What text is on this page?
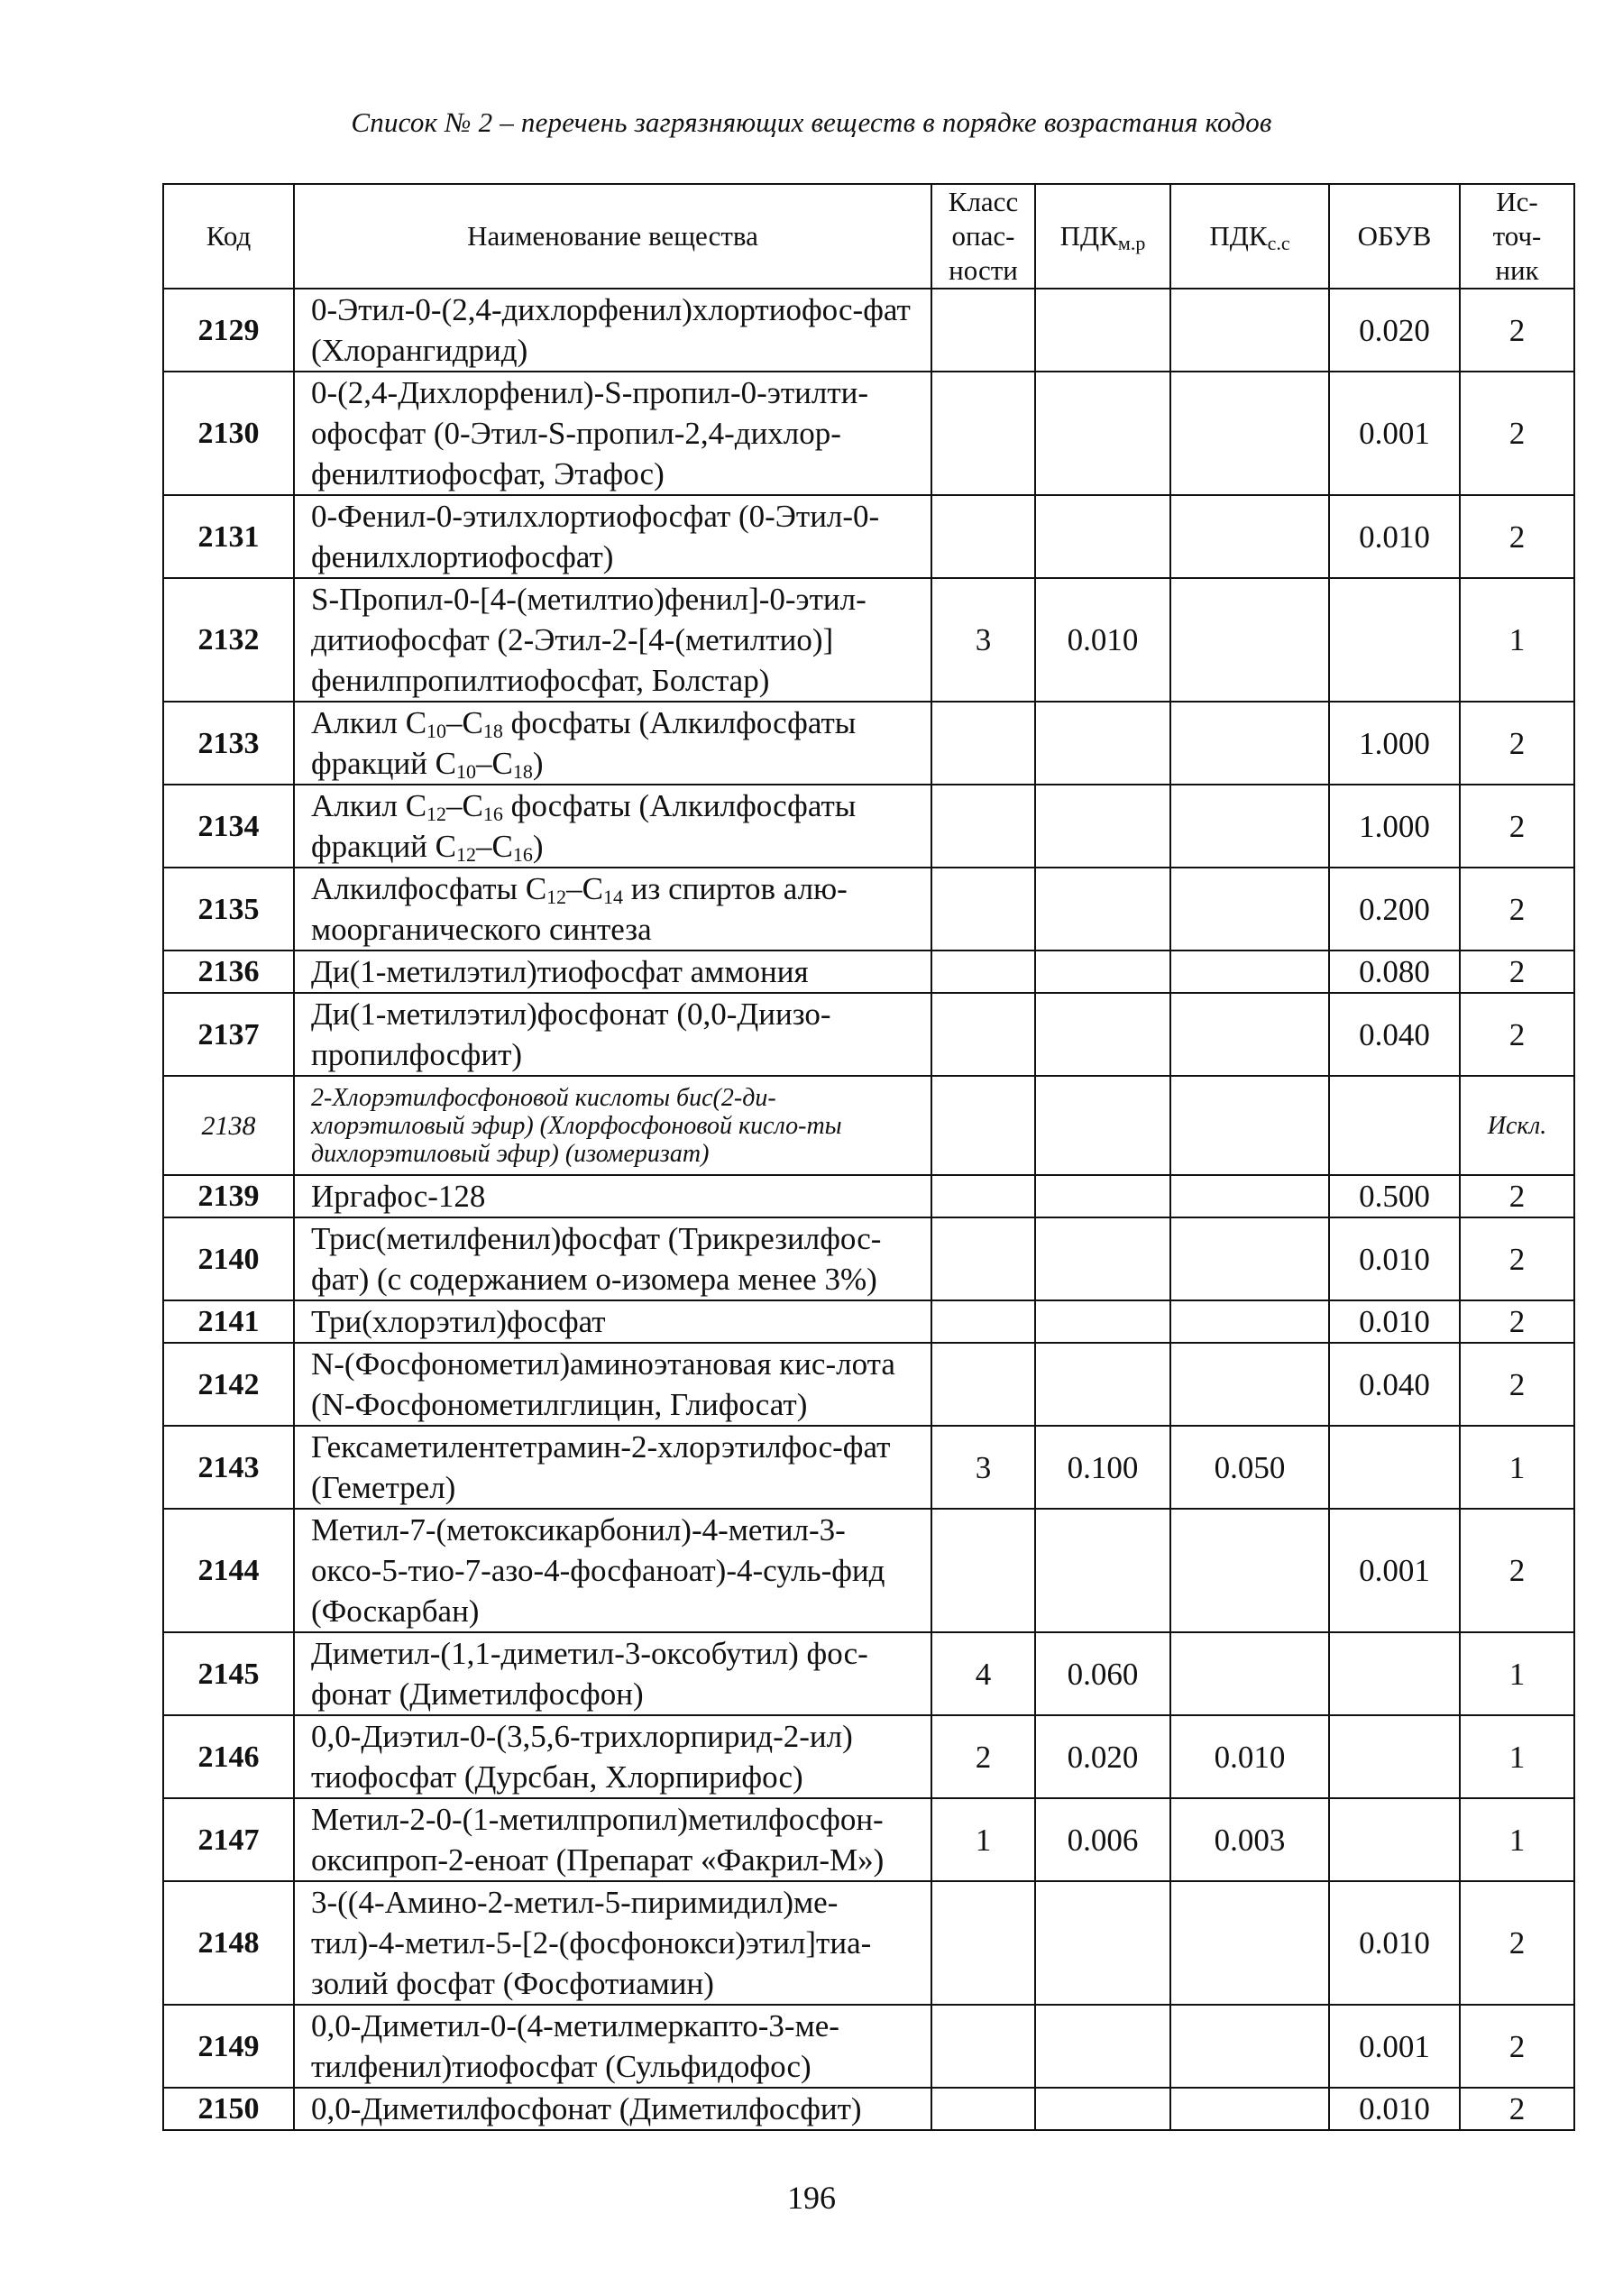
Список № 2 – перечень загрязняющих веществ в порядке возрастания кодов
Код	Наименование вещества	Класс опас-ности	$ПДК_{м.р}$	$ПДК_{с.с}$	ОБУВ	Ис-точ-ник
2129	0-Этил-0-(2,4-дихлорфенил)хлортиофос-фат (Хлорангидрид)				0.020	2
2130	0-(2,4-Дихлорфенил)-S-пропил-0-этилти-офосфат (0-Этил-S-пропил-2,4-дихлор-фенилтиофосфат, Этафос)				0.001	2
2131	0-Фенил-0-этилхлортиофосфат (0-Этил-0-фенилхлортиофосфат)				0.010	2
2132	S-Пропил-0-[4-(метилтио)фенил]-0-этил-дитиофосфат (2-Этил-2-[4-(метилтио)] фенилпропилтиофосфат, Болстар)	3	0.010			1
2133	Алкил $C_{10}-C_{18}$ фосфаты (Алкилфосфаты фракций $C_{10}-C_{18}$)				1.000	2
2134	Алкил $C_{12}-C_{16}$ фосфаты (Алкилфосфаты фракций $C_{12}-C_{16}$)				1.000	2
2135	Алкилфосфаты $C_{12}-C_{14}$ из спиртов алю-моорганического синтеза				0.200	2
2136	Ди(1-метилэтил)тиофосфат аммония				0.080	2
2137	Ди(1-метилэтил)фосфонат (0,0-Диизо-пропилфосфит)				0.040	2
2138	2-Хлорэтилфосфоновой кислоты бис(2-ди-хлорэтиловый эфир) (Хлорфосфоновой кисло-ты дихлорэтиловый эфир) (изомеризат)					Искл.
2139	Иргафос-128				0.500	2
2140	Трис(метилфенил)фосфат (Трикрезилфос-фат) (с содержанием о-изомера менее 3%)				0.010	2
2141	Три(хлорэтил)фосфат				0.010	2
2142	N-(Фосфонометил)аминоэтановая кис-лота (N-Фосфонометилглицин, Глифосат)				0.040	2
2143	Гексаметилентетрамин-2-хлорэтилфос-фат (Геметрел)	3	0.100	0.050		1
2144	Метил-7-(метоксикарбонил)-4-метил-3-оксо-5-тио-7-азо-4-фосфаноат)-4-суль-фид (Фоскарбан)				0.001	2
2145	Диметил-(1,1-диметил-3-оксобутил) фос-фонат (Диметилфосфон)	4	0.060			1
2146	0,0-Диэтил-0-(3,5,6-трихлорпирид-2-ил) тиофосфат (Дурсбан, Хлорпирифос)	2	0.020	0.010		1
2147	Метил-2-0-(1-метилпропил)метилфосфон-оксипроп-2-еноат (Препарат «Факрил-М»)	1	0.006	0.003		1
2148	3-((4-Амино-2-метил-5-пиримидил)ме-тил)-4-метил-5-[2-(фосфонокси)этил]тиа-золий фосфат (Фосфотиамин)				0.010	2
2149	0,0-Диметил-0-(4-метилмеркапто-3-ме-тилфенил)тиофосфат (Сульфидофос)				0.001	2
2150	0,0-Диметилфосфонат (Диметилфосфит)				0.010	2
196
